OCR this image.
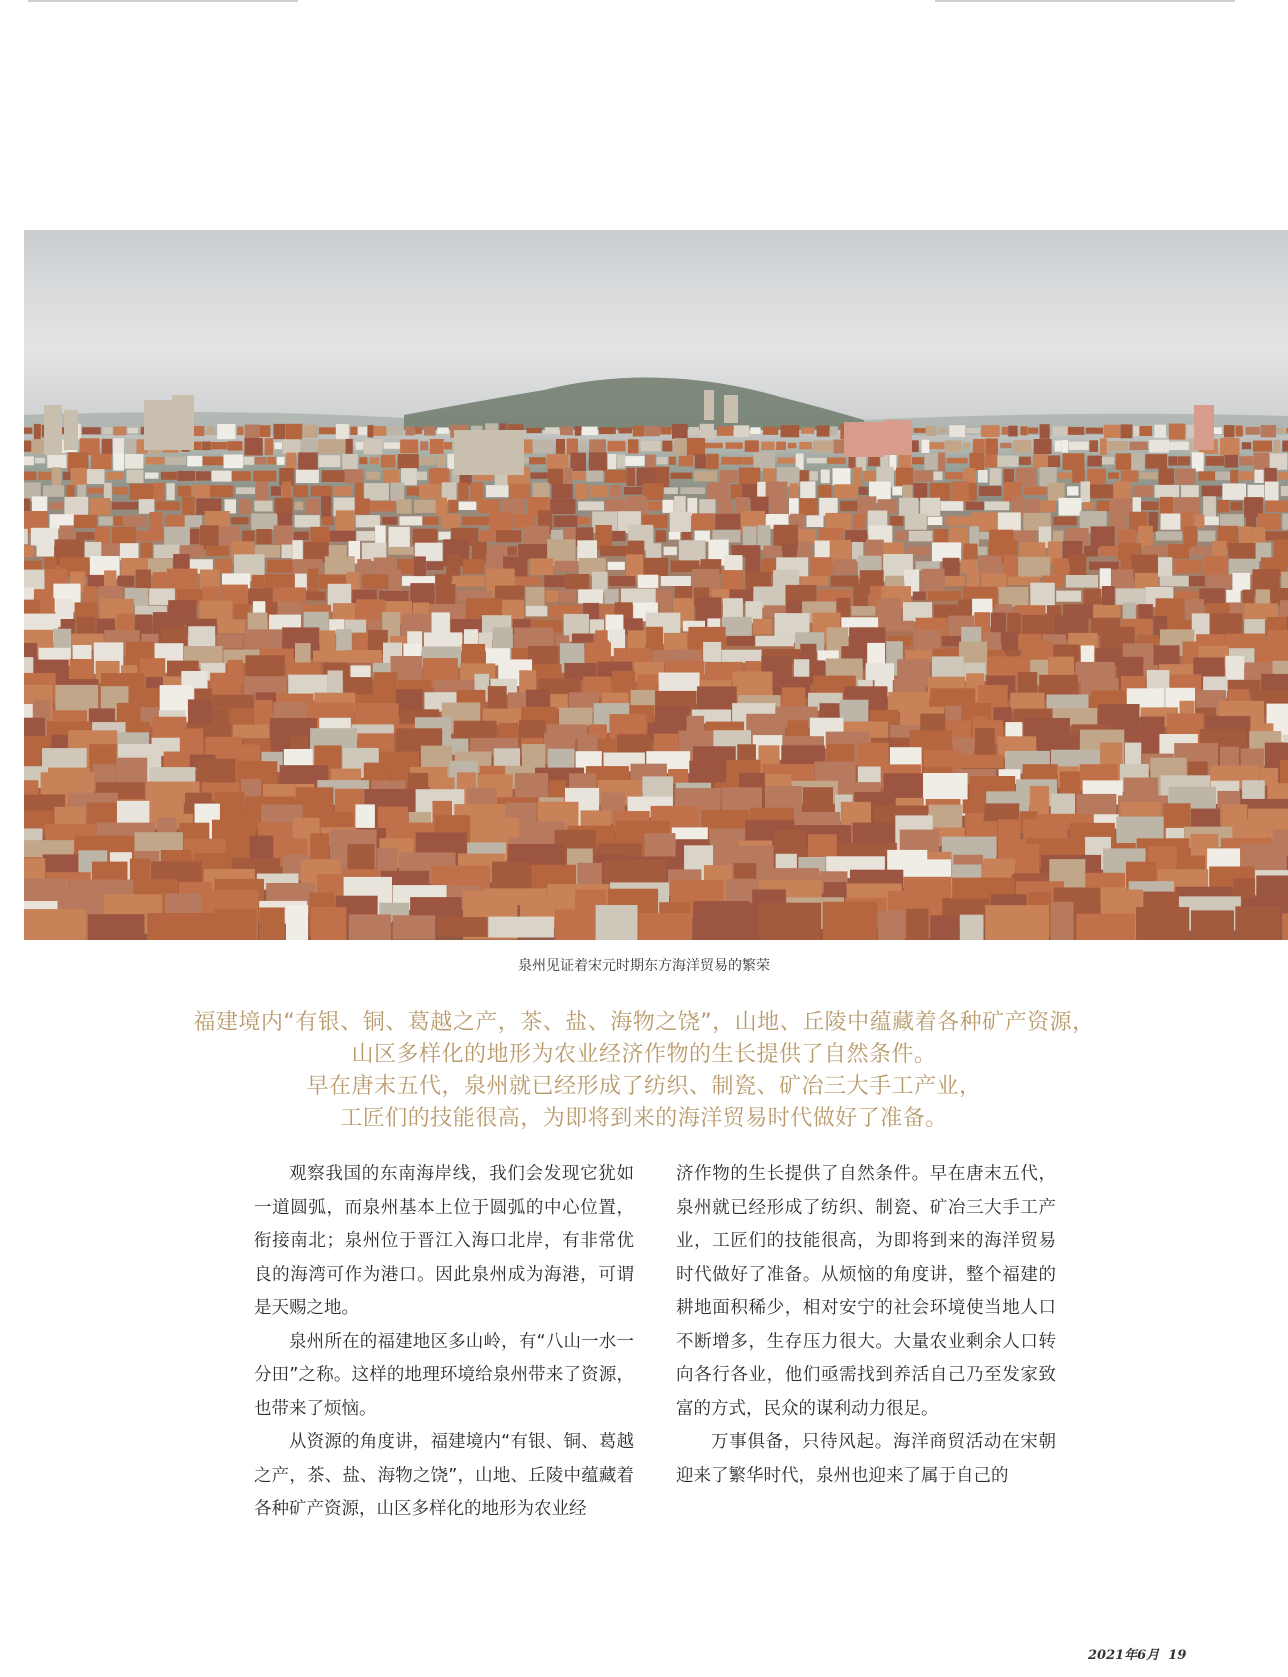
泉州见证着宋元时期东方海洋贸易的繁荣
福建境内“有银、铜、葛越之产，茶、盐、海物之饶”，山地、丘陵中蕴藏着各种矿产资源，
山区多样化的地形为农业经济作物的生长提供了自然条件。
早在唐末五代，泉州就已经形成了纺织、制瓷、矿冶三大手工产业，
工匠们的技能很高，为即将到来的海洋贸易时代做好了准备。

观察我国的东南海岸线，我们会发现它犹如一道圆弧，而泉州基本上位于圆弧的中心位置，衔接南北；泉州位于晋江入海口北岸，有非常优良的海湾可作为港口。因此泉州成为海港，可谓是天赐之地。

泉州所在的福建地区多山岭，有“八山一水一分田”之称。这样的地理环境给泉州带来了资源，也带来了烦恼。

从资源的角度讲，福建境内“有银、铜、葛越之产，茶、盐、海物之饶”，山地、丘陵中蕴藏着各种矿产资源，山区多样化的地形为农业经

济作物的生长提供了自然条件。早在唐末五代，泉州就已经形成了纺织、制瓷、矿冶三大手工产业，工匠们的技能很高，为即将到来的海洋贸易时代做好了准备。从烦恼的角度讲，整个福建的耕地面积稀少，相对安宁的社会环境使当地人口不断增多，生存压力很大。大量农业剩余人口转向各行各业，他们亟需找到养活自己乃至发家致富的方式，民众的谋利动力很足。

万事俱备，只待风起。海洋商贸活动在宋朝迎来了繁华时代，泉州也迎来了属于自己的

2021年6月 19
